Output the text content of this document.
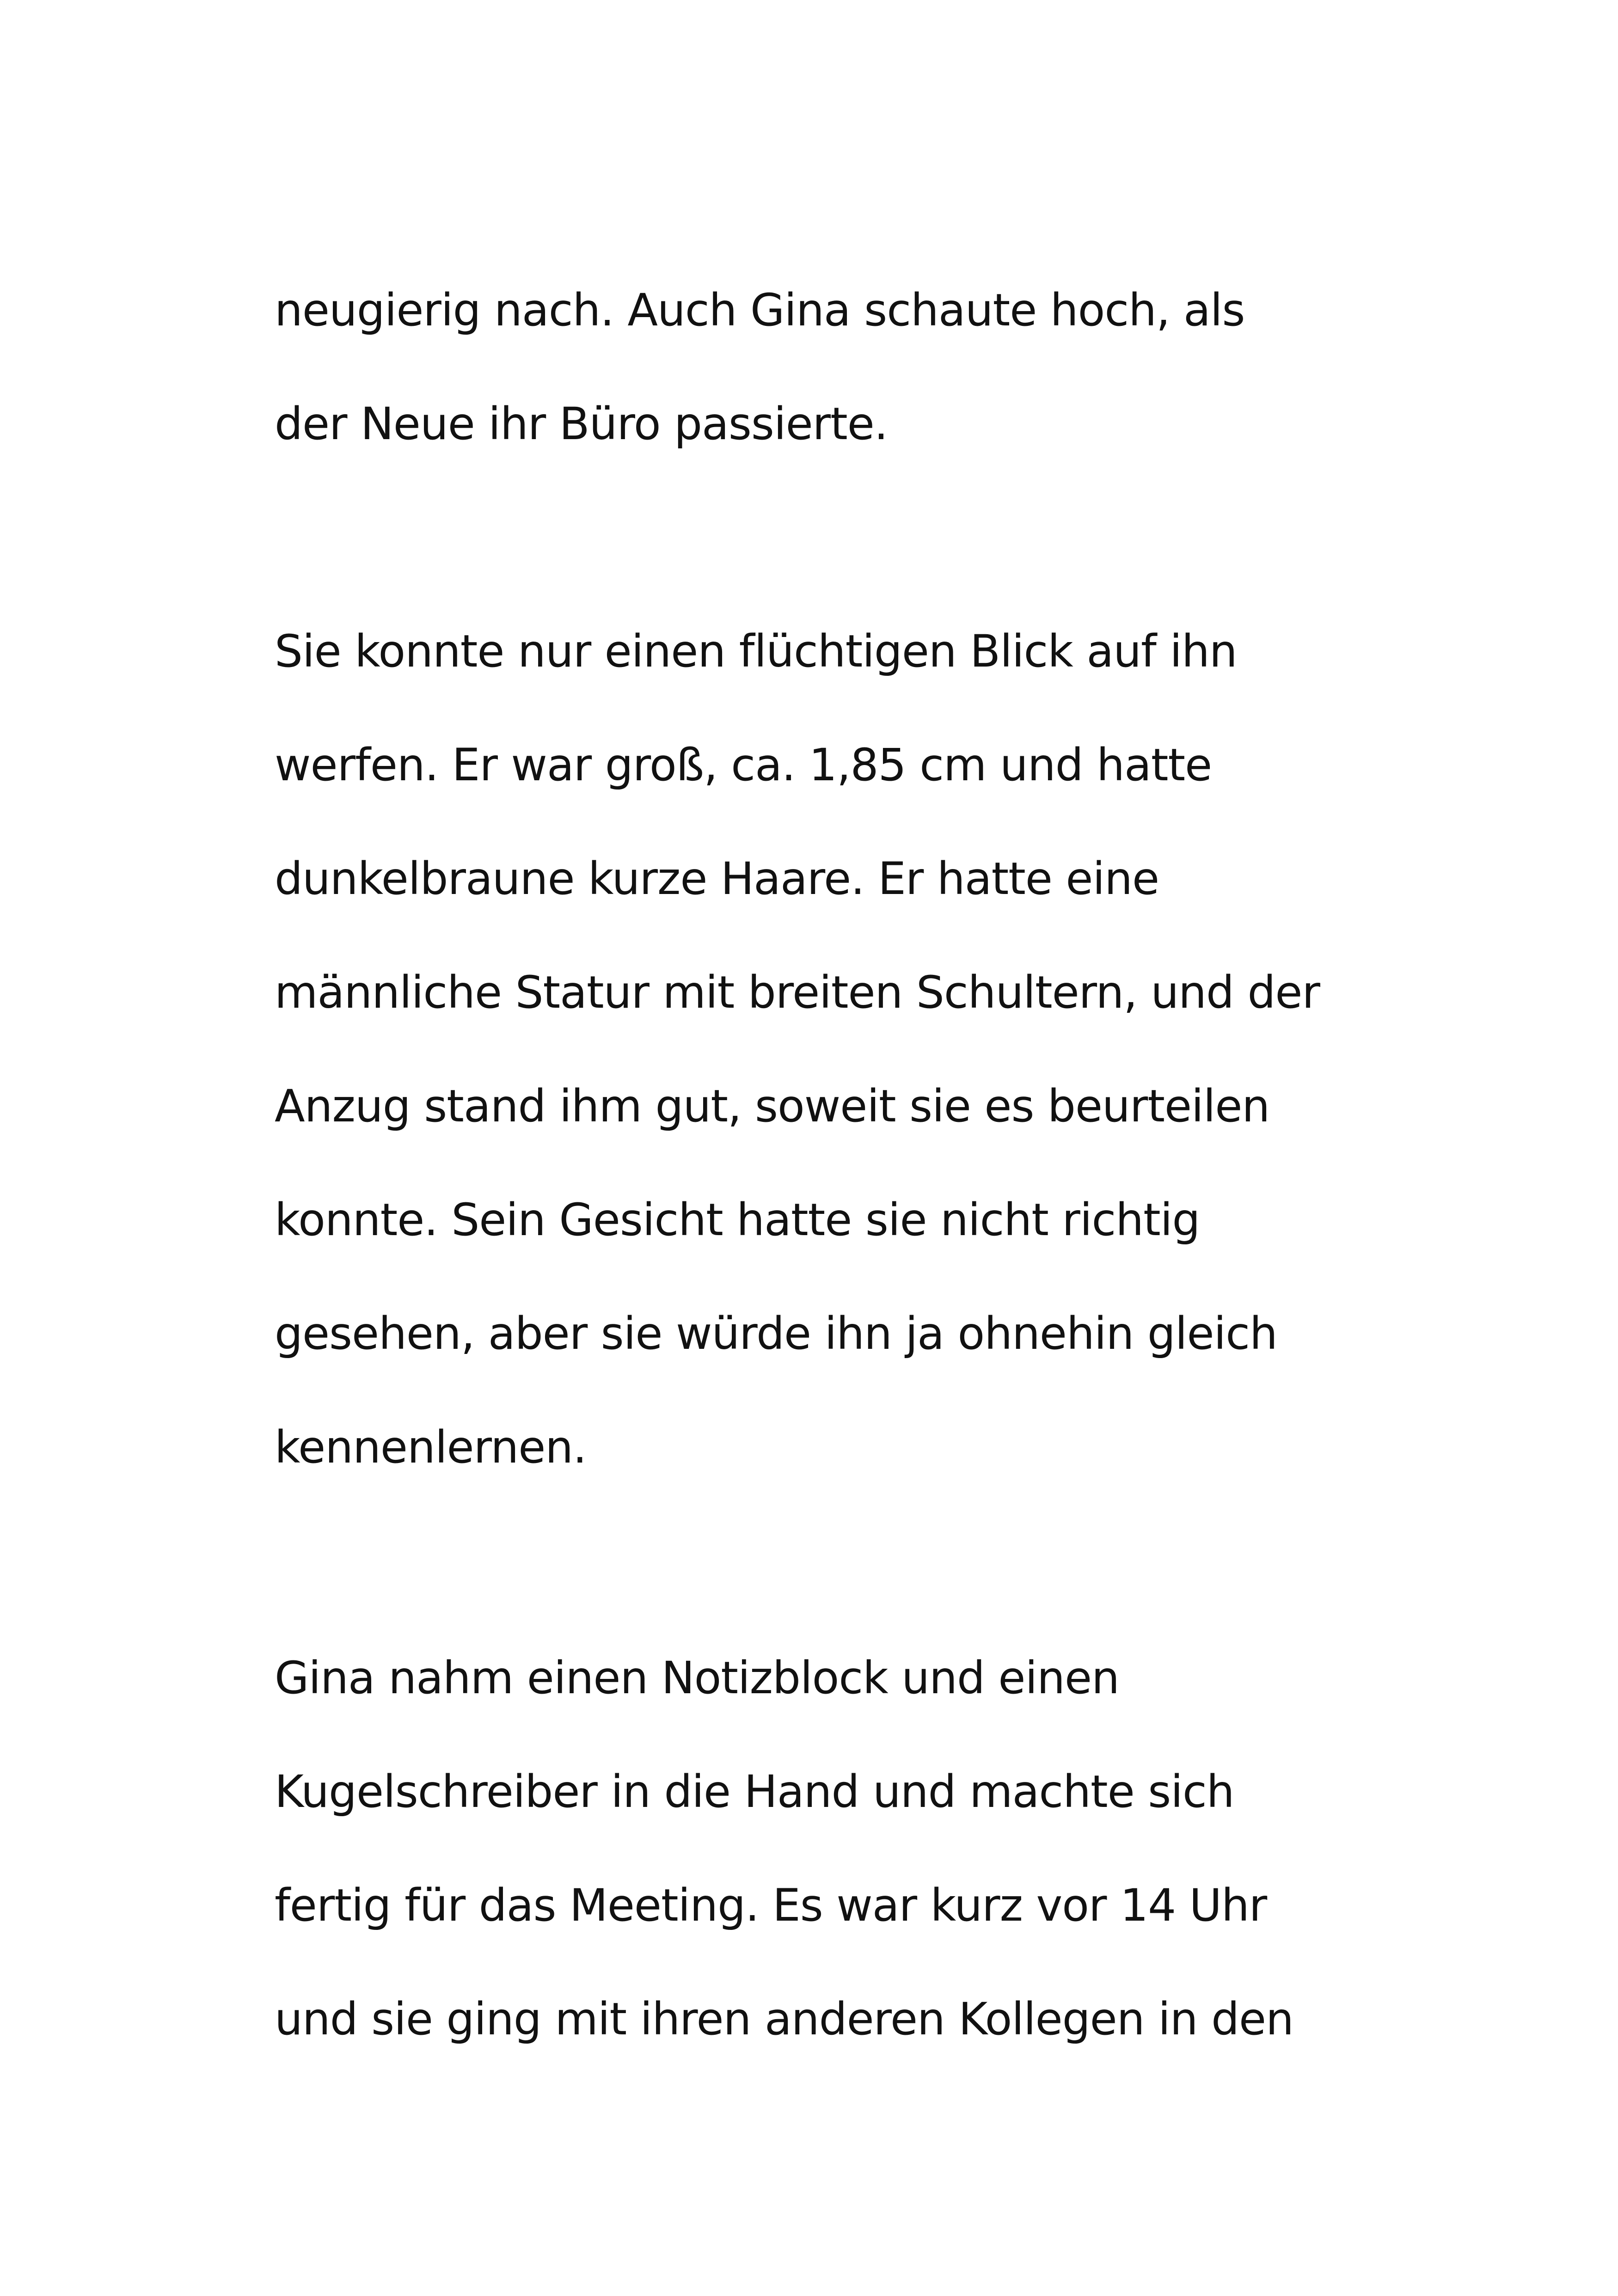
neugierig nach. Auch Gina schaute hoch, als
der Neue ihr Büro passierte.
Sie konnte nur einen flüchtigen Blick auf ihn
werfen. Er war groß, ca. 1,85 cm und hatte
dunkelbraune kurze Haare. Er hatte eine
männliche Statur mit breiten Schultern, und der
Anzug stand ihm gut, soweit sie es beurteilen
konnte. Sein Gesicht hatte sie nicht richtig
gesehen, aber sie würde ihn ja ohnehin gleich
kennenlernen.
Gina nahm einen Notizblock und einen
Kugelschreiber in die Hand und machte sich
fertig für das Meeting. Es war kurz vor 14 Uhr
und sie ging mit ihren anderen Kollegen in den
